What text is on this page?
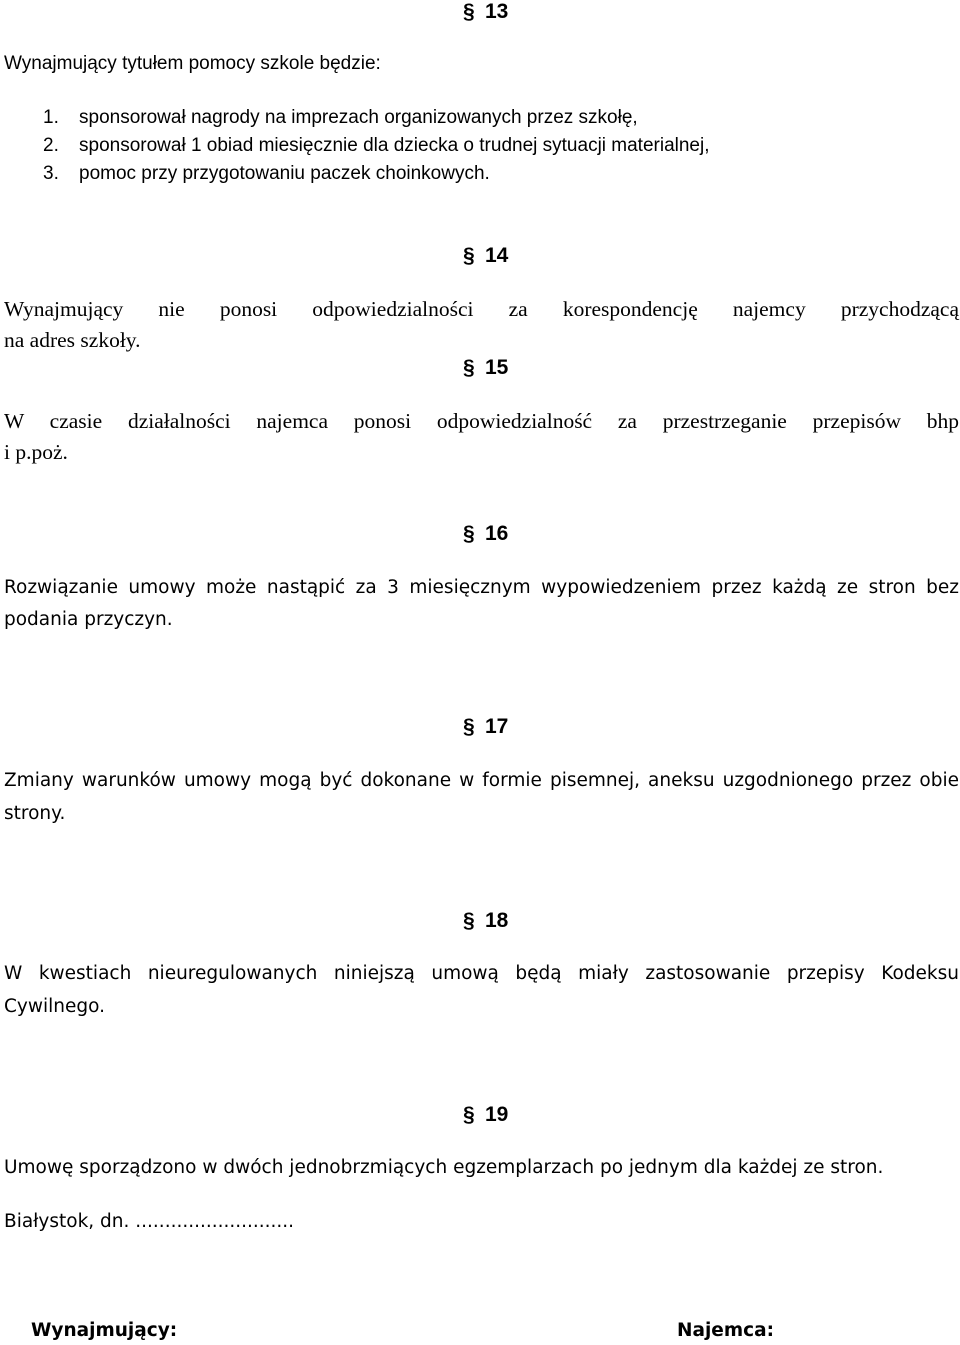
§ 13
Wynajmujący tytułem pomocy szkole będzie:
1. sponsorował nagrody na imprezach organizowanych przez szkołę,
2. sponsorował 1 obiad miesięcznie dla dziecka o trudnej sytuacji materialnej,
3. pomoc przy przygotowaniu paczek choinkowych.
§ 14
Wynajmujący nie ponosi odpowiedzialności za korespondencję najemcy przychodzącą
na adres szkoły.
§ 15
W czasie działalności najemca ponosi odpowiedzialność za przestrzeganie przepisów bhp
i p.poż.
§ 16
Rozwiązanie umowy może nastąpić za 3 miesięcznym wypowiedzeniem przez każdą ze stron bez
podania przyczyn.
§ 17
Zmiany warunków umowy mogą być dokonane w formie pisemnej, aneksu uzgodnionego przez obie
strony.
§ 18
W kwestiach nieuregulowanych niniejszą umową będą miały zastosowanie przepisy Kodeksu
Cywilnego.
§ 19
Umowę sporządzono w dwóch jednobrzmiących egzemplarzach po jednym dla każdej ze stron.
Białystok, dn. ...........................
Wynajmujący:	Najemca:
